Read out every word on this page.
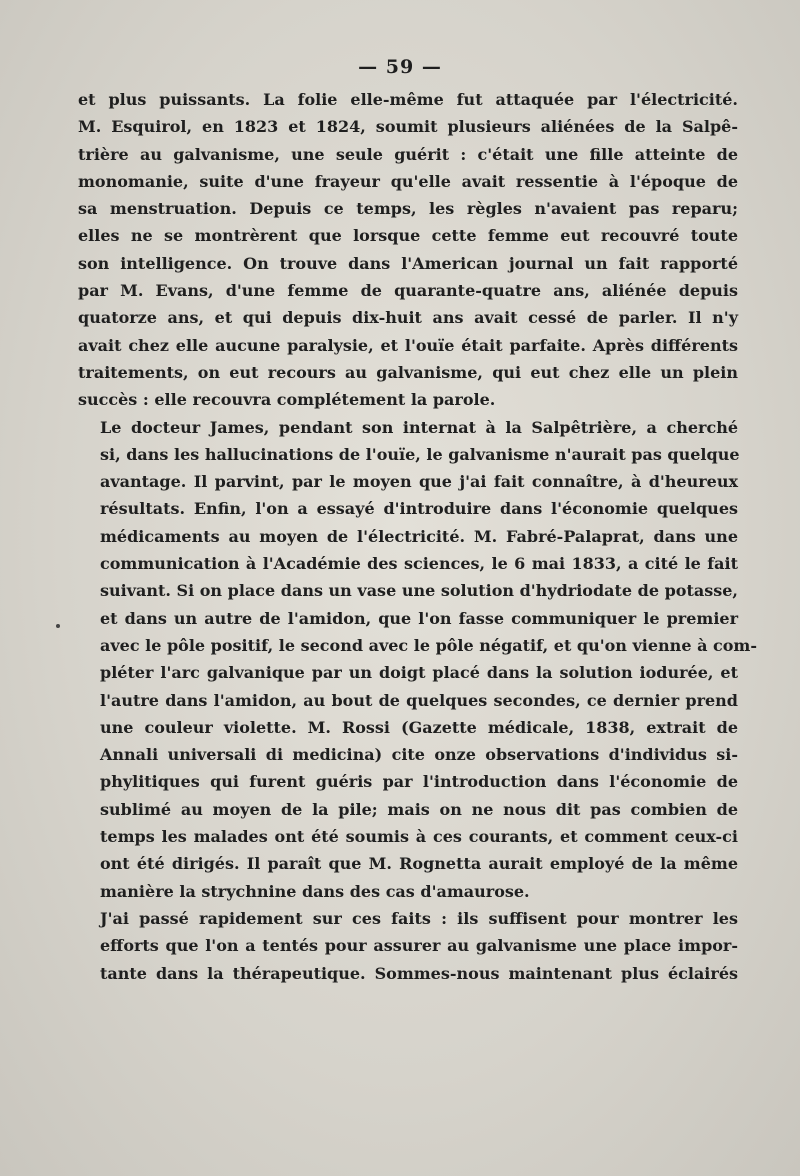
— 59 —

et plus puissants. La folie elle-même fut attaquée par l'électricité.
M. Esquirol, en 1823 et 1824, soumit plusieurs aliénées de la Salpê-
trière au galvanisme, une seule guérit : c'était une fille atteinte de
monomanie, suite d'une frayeur qu'elle avait ressentie à l'époque de
sa menstruation. Depuis ce temps, les règles n'avaient pas reparu;
elles ne se montrèrent que lorsque cette femme eut recouvré toute
son intelligence. On trouve dans l'American journal un fait rapporté
par M. Evans, d'une femme de quarante-quatre ans, aliénée depuis
quatorze ans, et qui depuis dix-huit ans avait cessé de parler. Il n'y
avait chez elle aucune paralysie, et l'ouïe était parfaite. Après différents
traitements, on eut recours au galvanisme, qui eut chez elle un plein
succès : elle recouvra complétement la parole.

Le docteur James, pendant son internat à la Salpêtrière, a cherché
si, dans les hallucinations de l'ouïe, le galvanisme n'aurait pas quelque
avantage. Il parvint, par le moyen que j'ai fait connaître, à d'heureux
résultats. Enfin, l'on a essayé d'introduire dans l'économie quelques
médicaments au moyen de l'électricité. M. Fabré-Palaprat, dans une
communication à l'Académie des sciences, le 6 mai 1833, a cité le fait
suivant. Si on place dans un vase une solution d'hydriodate de potasse,
et dans un autre de l'amidon, que l'on fasse communiquer le premier
avec le pôle positif, le second avec le pôle négatif, et qu'on vienne à com-
pléter l'arc galvanique par un doigt placé dans la solution iodurée, et
l'autre dans l'amidon, au bout de quelques secondes, ce dernier prend
une couleur violette. M. Rossi (Gazette médicale, 1838, extrait de
Annali universali di medicina) cite onze observations d'individus si-
phylitiques qui furent guéris par l'introduction dans l'économie de
sublimé au moyen de la pile; mais on ne nous dit pas combien de
temps les malades ont été soumis à ces courants, et comment ceux-ci
ont été dirigés. Il paraît que M. Rognetta aurait employé de la même
manière la strychnine dans des cas d'amaurose.

J'ai passé rapidement sur ces faits : ils suffisent pour montrer les
efforts que l'on a tentés pour assurer au galvanisme une place impor-
tante dans la thérapeutique. Sommes-nous maintenant plus éclairés
